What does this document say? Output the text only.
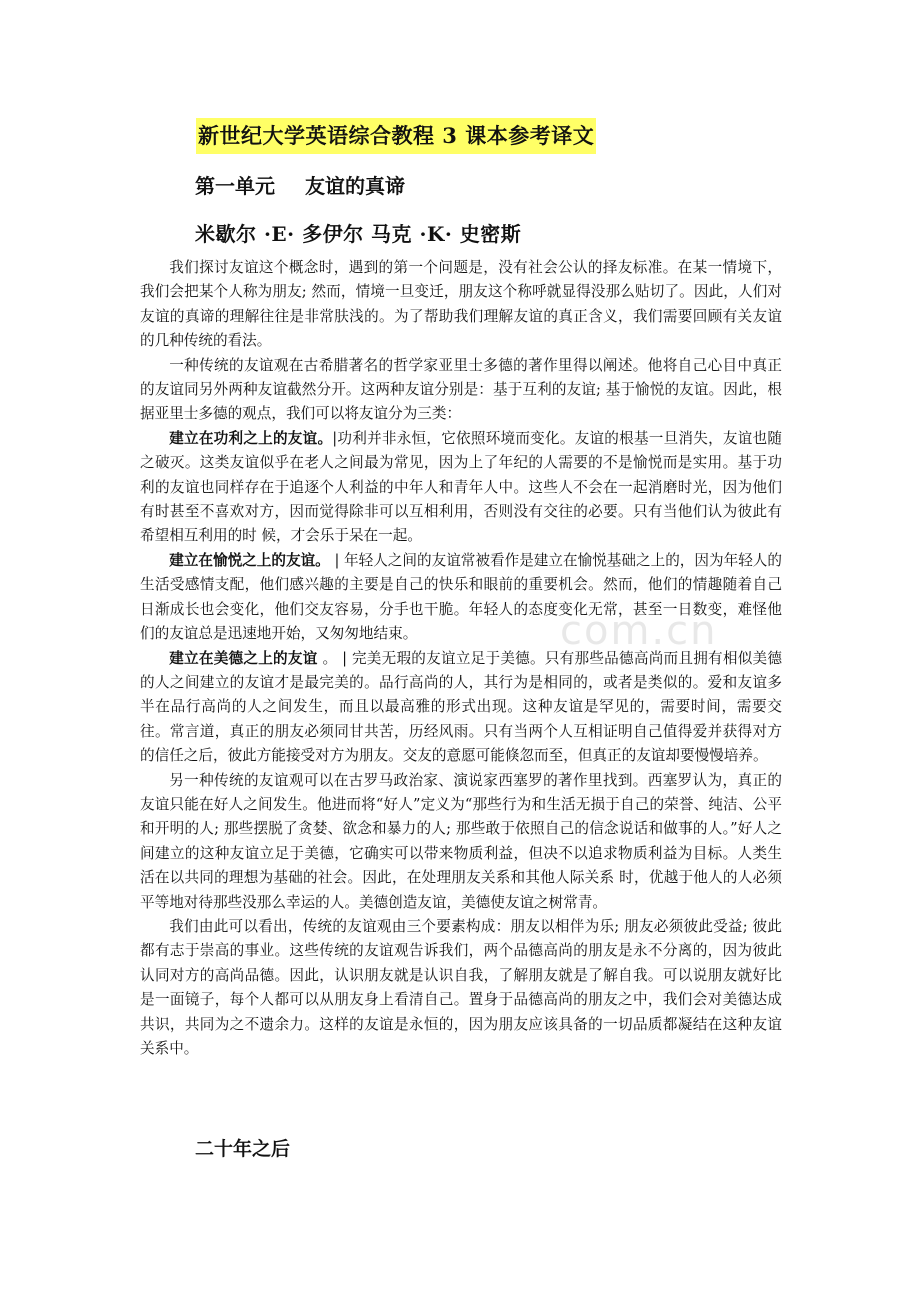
com.cn
新世纪大学英语综合教程 3 课本参考译文
第一单元 友谊的真谛
米歇尔 ·E· 多伊尔 马克 ·K· 史密斯

我们探讨友谊这个概念时，遇到的第一个问题是，没有社会公认的择友标准。在某一情境下，我们会把某个人称为朋友; 然而，情境一旦变迁，朋友这个称呼就显得没那么贴切了。因此，人们对友谊的真谛的理解往往是非常肤浅的。为了帮助我们理解友谊的真正含义，我们需要回顾有关友谊的几种传统的看法。

一种传统的友谊观在古希腊著名的哲学家亚里士多德的著作里得以阐述。他将自己心目中真正的友谊同另外两种友谊截然分开。这两种友谊分别是：基于互利的友谊; 基于愉悦的友谊。因此，根据亚里士多德的观点，我们可以将友谊分为三类：

建立在功利之上的友谊。|功利并非永恒，它依照环境而变化。友谊的根基一旦消失，友谊也随之破灭。这类友谊似乎在老人之间最为常见，因为上了年纪的人需要的不是愉悦而是实用。基于功利的友谊也同样存在于追逐个人利益的中年人和青年人中。这些人不会在一起消磨时光，因为他们有时甚至不喜欢对方，因而觉得除非可以互相利用，否则没有交往的必要。只有当他们认为彼此有希望相互利用的时 候，才会乐于呆在一起。

建立在愉悦之上的友谊。 | 年轻人之间的友谊常被看作是建立在愉悦基础之上的，因为年轻人的生活受感情支配，他们感兴趣的主要是自己的快乐和眼前的重要机会。然而，他们的情趣随着自己日渐成长也会变化，他们交友容易，分手也干脆。年轻人的态度变化无常，甚至一日数变，难怪他们的友谊总是迅速地开始，又匆匆地结束。

建立在美德之上的友谊 。 | 完美无瑕的友谊立足于美德。只有那些品德高尚而且拥有相似美德的人之间建立的友谊才是最完美的。品行高尚的人，其行为是相同的，或者是类似的。爱和友谊多半在品行高尚的人之间发生，而且以最高雅的形式出现。这种友谊是罕见的，需要时间，需要交 往。常言道，真正的朋友必须同甘共苦，历经风雨。只有当两个人互相证明自己值得爱并获得对方的信任之后，彼此方能接受对方为朋友。交友的意愿可能倏忽而至，但真正的友谊却要慢慢培养。

另一种传统的友谊观可以在古罗马政治家、演说家西塞罗的著作里找到。西塞罗认为，真正的友谊只能在好人之间发生。他进而将“好人”定义为“那些行为和生活无损于自己的荣誉、纯洁、公平和开明的人; 那些摆脱了贪婪、欲念和暴力的人; 那些敢于依照自己的信念说话和做事的人。”好人之间建立的这种友谊立足于美德，它确实可以带来物质利益，但决不以追求物质利益为目标。人类生活在以共同的理想为基础的社会。因此，在处理朋友关系和其他人际关系 时，优越于他人的人必须平等地对待那些没那么幸运的人。美德创造友谊，美德使友谊之树常青。

我们由此可以看出，传统的友谊观由三个要素构成：朋友以相伴为乐; 朋友必须彼此受益; 彼此都有志于崇高的事业。这些传统的友谊观告诉我们，两个品德高尚的朋友是永不分离的，因为彼此认同对方的高尚品德。因此，认识朋友就是认识自我，了解朋友就是了解自我。可以说朋友就好比是一面镜子，每个人都可以从朋友身上看清自己。置身于品德高尚的朋友之中，我们会对美德达成共识，共同为之不遗余力。这样的友谊是永恒的，因为朋友应该具备的一切品质都凝结在这种友谊关系中。

二十年之后
